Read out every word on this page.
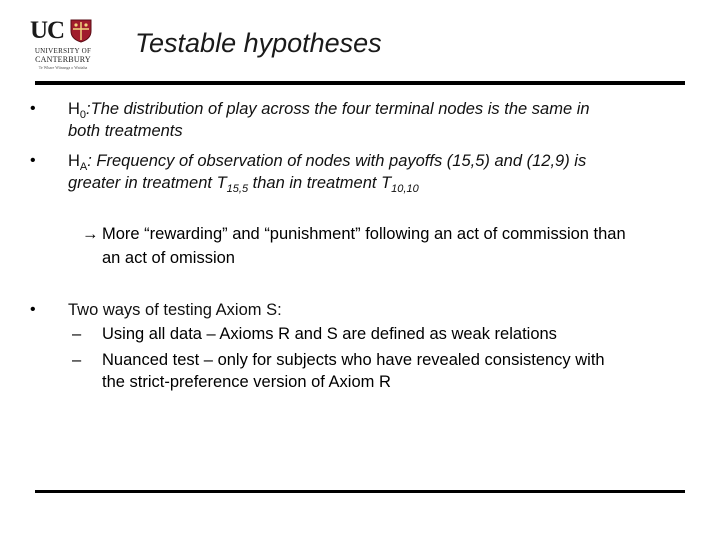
UC
UNIVERSITY OF
CANTERBURY
Te Whare Wānanga o Waitaha
Testable hypotheses
• $H_0:The$ distribution of play across the four terminal nodes is the same in
both treatments
• $H_A$: Frequency of observation of nodes with payoffs (15,5) and (12,9) is
greater in treatment $T_{15,5}$ than in treatment $T_{10,10}$
→ More “rewarding” and “punishment” following an act of commission than
an act of omission
• Two ways of testing Axiom S:
– Using all data – Axioms R and S are defined as weak relations
– Nuanced test – only for subjects who have revealed consistency with
the strict-preference version of Axiom R
